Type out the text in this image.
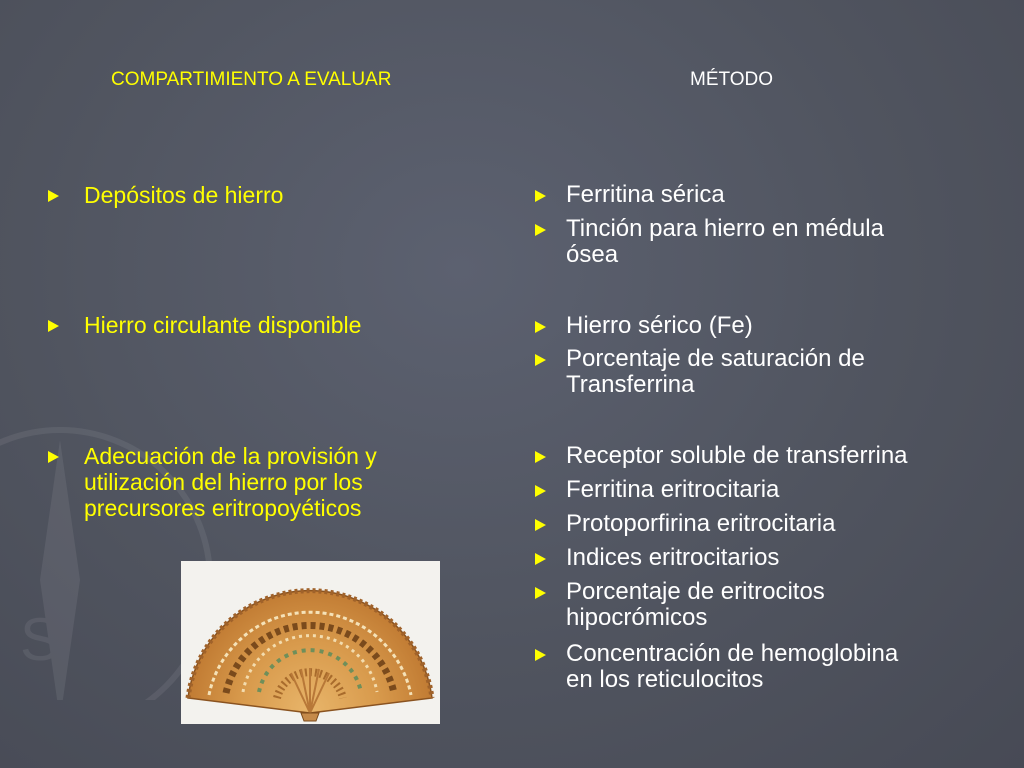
S
COMPARTIMIENTO A EVALUAR	MÉTODO
Depósitos de hierro
Hierro circulante disponible
Adecuación de la provisión y
utilización del hierro por los
precursores eritropoyéticos
Ferritina sérica
Tinción para hierro en médula
ósea
Hierro sérico (Fe)
Porcentaje de saturación de
Transferrina
Receptor soluble de transferrina
Ferritina eritrocitaria
Protoporfirina eritrocitaria
Indices eritrocitarios
Porcentaje de eritrocitos
hipocrómicos
Concentración de hemoglobina
en los reticulocitos
